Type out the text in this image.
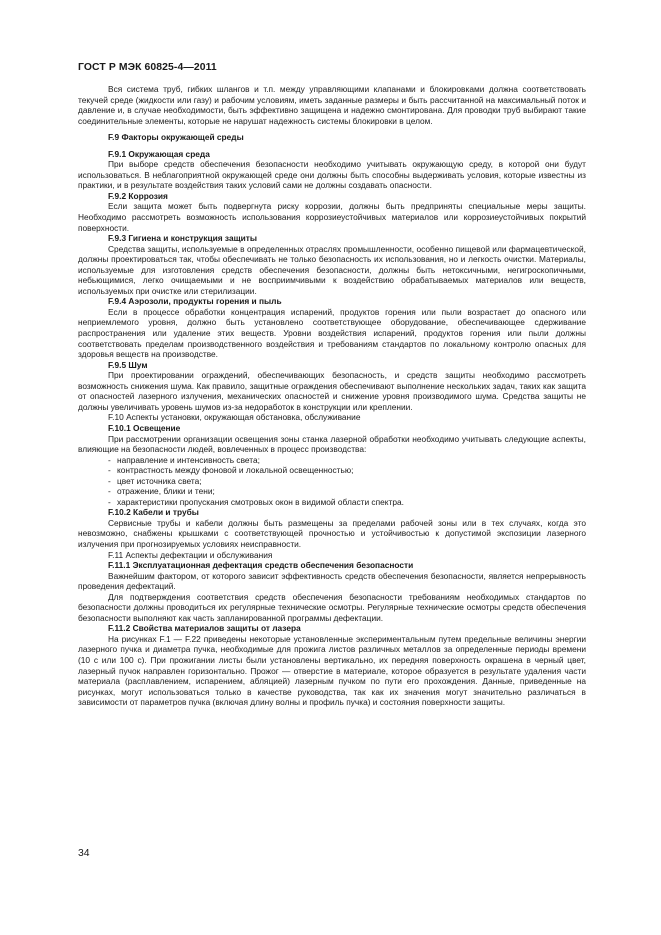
ГОСТ Р МЭК 60825-4—2011

Вся система труб, гибких шлангов и т.п. между управляющими клапанами и блокировками должна соответствовать текучей среде (жидкости или газу) и рабочим условиям, иметь заданные размеры и быть рассчитанной на максимальный поток и давление и, в случае необходимости, быть эффективно защищена и надежно смонтирована. Для проводки труб выбирают такие соединительные элементы, которые не нарушат надежность системы блокировки в целом.

F.9 Факторы окружающей среды

F.9.1 Окружающая среда

При выборе средств обеспечения безопасности необходимо учитывать окружающую среду, в которой они будут использоваться. В неблагоприятной окружающей среде они должны быть способны выдерживать условия, которые известны из практики, и в результате воздействия таких условий сами не должны создавать опасности.

F.9.2 Коррозия

Если защита может быть подвергнута риску коррозии, должны быть предприняты специальные меры защиты. Необходимо рассмотреть возможность использования коррозиеустойчивых материалов или коррозиеустойчивых покрытий поверхности.

F.9.3 Гигиена и конструкция защиты

Средства защиты, используемые в определенных отраслях промышленности, особенно пищевой или фармацевтической, должны проектироваться так, чтобы обеспечивать не только безопасность их использования, но и легкость очистки. Материалы, используемые для изготовления средств обеспечения безопасности, должны быть нетоксичными, негигроскопичными, небьющимися, легко очищаемыми и не восприимчивыми к воздействию обрабатываемых материалов или веществ, используемых при очистке или стерилизации.

F.9.4 Аэрозоли, продукты горения и пыль

Если в процессе обработки концентрация испарений, продуктов горения или пыли возрастает до опасного или неприемлемого уровня, должно быть установлено соответствующее оборудование, обеспечивающее сдерживание распространения или удаление этих веществ. Уровни воздействия испарений, продуктов горения или пыли должны соответствовать пределам производственного воздействия и требованиям стандартов по локальному контролю опасных для здоровья веществ на производстве.

F.9.5 Шум

При проектировании ограждений, обеспечивающих безопасность, и средств защиты необходимо рассмотреть возможность снижения шума. Как правило, защитные ограждения обеспечивают выполнение нескольких задач, таких как защита от опасностей лазерного излучения, механических опасностей и снижение уровня производимого шума. Средства защиты не должны увеличивать уровень шумов из-за недоработок в конструкции или креплении.

F.10 Аспекты установки, окружающая обстановка, обслуживание

F.10.1 Освещение

При рассмотрении организации освещения зоны станка лазерной обработки необходимо учитывать следующие аспекты, влияющие на безопасности людей, вовлеченных в процесс производства:

- направление и интенсивность света;
- контрастность между фоновой и локальной освещенностью;
- цвет источника света;
- отражение, блики и тени;
- характеристики пропускания смотровых окон в видимой области спектра.

F.10.2 Кабели и трубы

Сервисные трубы и кабели должны быть размещены за пределами рабочей зоны или в тех случаях, когда это невозможно, снабжены крышками с соответствующей прочностью и устойчивостью к допустимой экспозиции лазерного излучения при прогнозируемых условиях неисправности.

F.11 Аспекты дефектации и обслуживания

F.11.1 Эксплуатационная дефектация средств обеспечения безопасности

Важнейшим фактором, от которого зависит эффективность средств обеспечения безопасности, является непрерывность проведения дефектаций.

Для подтверждения соответствия средств обеспечения безопасности требованиям необходимых стандартов по безопасности должны проводиться их регулярные технические осмотры. Регулярные технические осмотры средств обеспечения безопасности выполняют как часть запланированной программы дефектации.

F.11.2 Свойства материалов защиты от лазера

На рисунках F.1 — F.22 приведены некоторые установленные экспериментальным путем предельные величины энергии лазерного пучка и диаметра пучка, необходимые для прожига листов различных металлов за определенные периоды времени (10 с или 100 с). При прожигании листы были установлены вертикально, их передняя поверхность окрашена в черный цвет, лазерный пучок направлен горизонтально. Прожог — отверстие в материале, которое образуется в результате удаления части материала (расплавлением, испарением, абляцией) лазерным пучком по пути его прохождения. Данные, приведенные на рисунках, могут использоваться только в качестве руководства, так как их значения могут значительно различаться в зависимости от параметров пучка (включая длину волны и профиль пучка) и состояния поверхности защиты.

34
